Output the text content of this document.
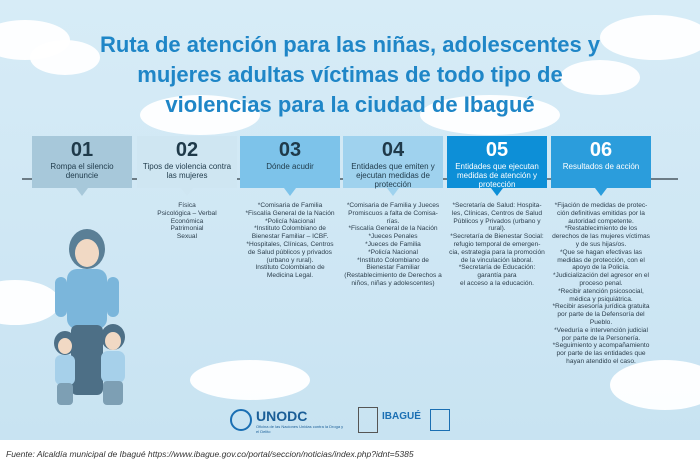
Ruta de atención para las niñas, adolescentes y
mujeres adultas víctimas de todo tipo de
violencias para la ciudad de Ibagué
01
Rompa el silencio denuncie
02
Tipos de violencia contra las mujeres
Física
Psicológica – Verbal
Económica
Patrimonial
Sexual
03
Dónde acudir
*Comisaria de Familia
*Fiscalía General de la Nación
*Policía Nacional
*Instituto Colombiano de
Bienestar Familiar – ICBF.
*Hospitales, Clínicas, Centros
de Salud públicos y privados
(urbano y rural).
Instituto Colombiano de
Medicina Legal.
04
Entidades que emiten y ejecutan medidas de protección
*Comisaria de Familia y Jueces
Promiscuos a falta de Comisa-
rías.
*Fiscalía General de la Nación
*Jueces Penales
*Jueces de Familia
*Policía Nacional
*Instituto Colombiano de
Bienestar Familiar
(Restablecimiento de Derechos a
niños, niñas y adolescentes)
05
Entidades que ejecutan medidas de atención y protección
*Secretaría de Salud: Hospita-
les, Clínicas, Centros de Salud
Públicos y Privados (urbano y
rural).
*Secretaría de Bienestar Social:
refugio temporal de emergen-
cia, estrategia para la promoción
de la vinculación laboral.
*Secretaría de Educación:
garantía para
el acceso a la educación.
06
Resultados de acción
*Fijación de medidas de protec-
ción definitivas emitidas por la
autoridad competente.
*Restablecimiento de los
derechos de las mujeres víctimas
y de sus hijas/os.
*Que se hagan efectivas las
medidas de protección, con el
apoyo de la Policía.
*Judicialización del agresor en el
proceso penal.
*Recibir atención psicosocial,
médica y psiquiátrica.
*Recibir asesoría jurídica gratuita
por parte de la Defensoría del
Pueblo.
*Veeduría e intervención judicial
por parte de la Personería.
*Seguimiento y acompañamiento
por parte de las entidades que
hayan atendido el caso.
UNODC
Oficina de las Naciones Unidas contra la Droga y el Delito
IBAGUÉ
Fuente: Alcaldía municipal de Ibagué https://www.ibague.gov.co/portal/seccion/noticias/index.php?idnt=5385
